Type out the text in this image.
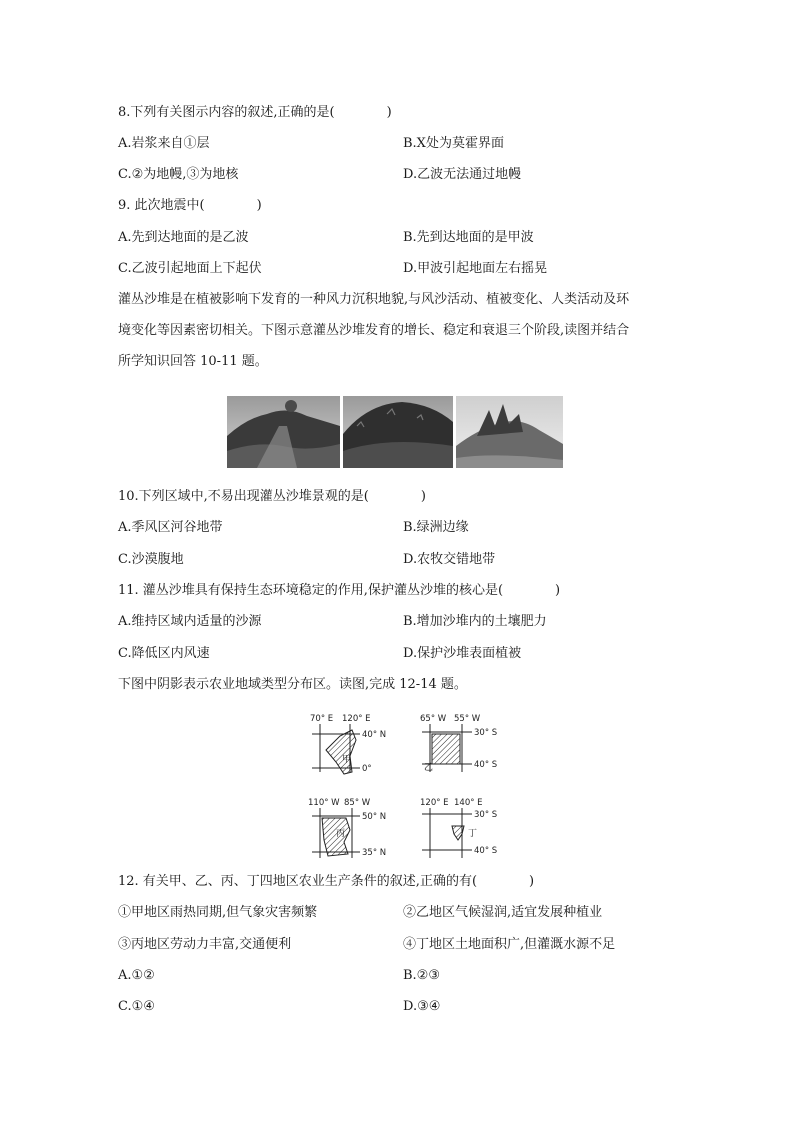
8.下列有关图示内容的叙述,正确的是(　　　　)
A.岩浆来自①层	B.X处为莫霍界面
C.②为地幔,③为地核	D.乙波无法通过地幔
9. 此次地震中(　　　　)
A.先到达地面的是乙波	B.先到达地面的是甲波
C.乙波引起地面上下起伏	D.甲波引起地面左右摇晃
灌丛沙堆是在植被影响下发育的一种风力沉积地貌,与风沙活动、植被变化、人类活动及环
境变化等因素密切相关。下图示意灌丛沙堆发育的增长、稳定和衰退三个阶段,读图并结合
所学知识回答 10-11 题。
10.下列区域中,不易出现灌丛沙堆景观的是(　　　　)
A.季风区河谷地带	B.绿洲边缘
C.沙漠腹地	D.农牧交错地带
11. 灌丛沙堆具有保持生态环境稳定的作用,保护灌丛沙堆的核心是(　　　　)
A.维持区域内适量的沙源	B.增加沙堆内的土壤肥力
C.降低区内风速	D.保护沙堆表面植被
下图中阴影表示农业地域类型分布区。读图,完成 12-14 题。
70° E 120° E
40° N
0°
甲
65° W 55° W
30° S
40° S
乙
110° W 85° W
50° N
35° N
丙
120° E 140° E
30° S
40° S
丁
12. 有关甲、乙、丙、丁四地区农业生产条件的叙述,正确的有(　　　　)
①甲地区雨热同期,但气象灾害频繁	②乙地区气候湿润,适宜发展种植业
③丙地区劳动力丰富,交通便利	④丁地区土地面积广,但灌溉水源不足
A.①②	B.②③
C.①④	D.③④
